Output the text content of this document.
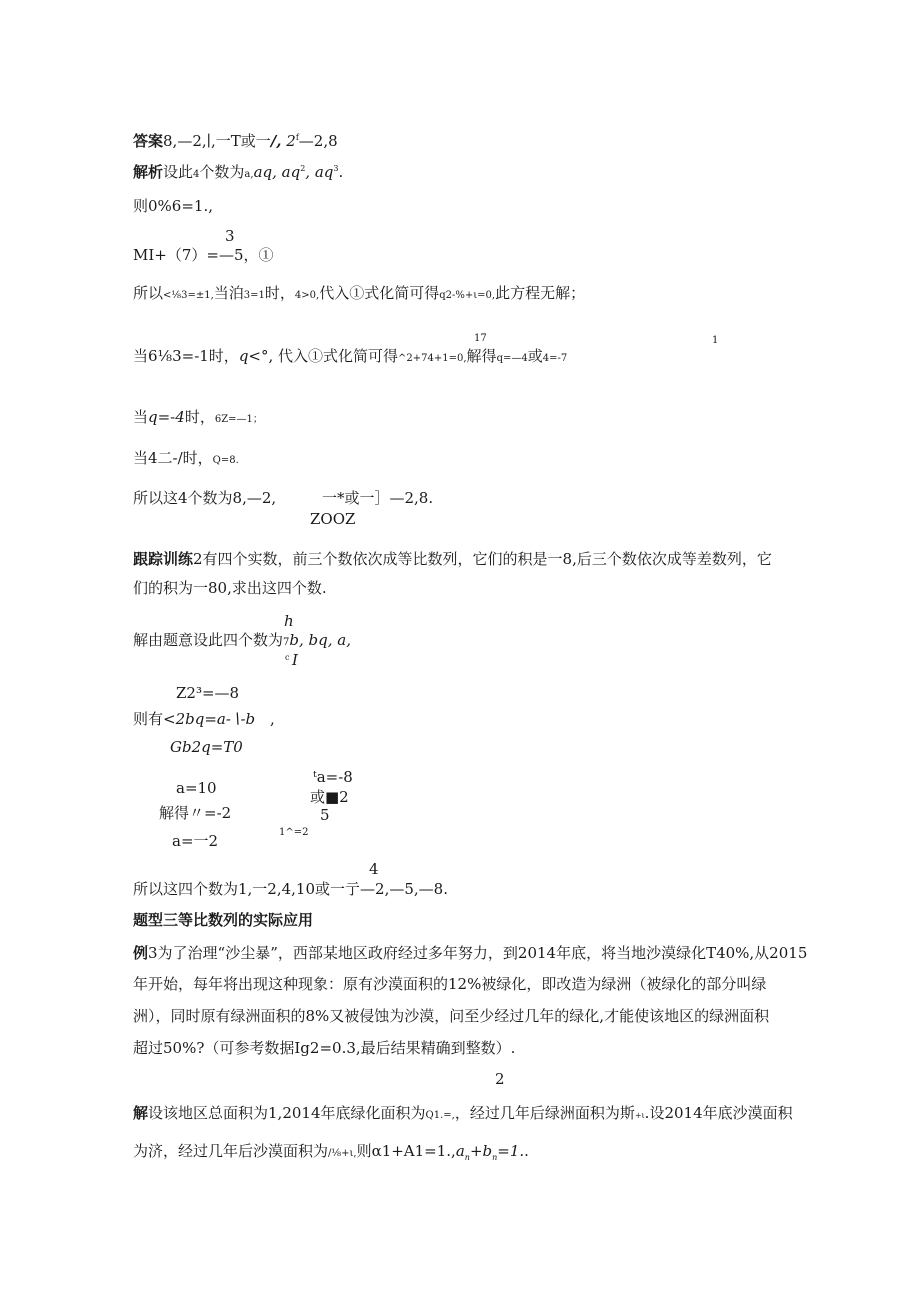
答案8,—2,∣,一T或一/, 2$^f$—2,8
解析设此4个数为a,aq, $aq^2$, $aq^3$.
则0%6=1.,
3
MI+（7）=—5，①
所以<⅛3=±1,当泊3=1时，4>0,代入①式化简可得q2-%+ι=0,此方程无解；
17	1
当6⅛3=-1时，q<°, 代入①式化简可得^2+74+1=0,解得q=—4或4=-7
当q=-4时，6Z=—1；
当4二-/时，Q=8.
所以这4个数为8,—2,	一*或一］—2,8.
ZOOZ
跟踪训练2有四个实数，前三个数依次成等比数列，它们的积是一8,后三个数依次成等差数列，它
们的积为一80,求出这四个数.
h
解由题意设此四个数为7b, bq, a,
c I
Z2³=—8
则有<2bq=a-∖-b ,
Gb2q=T0
a=10
解得〃=-2
a=一2
ᵗa=-8
或■2
5
1^=2
4
所以这四个数为1,一2,4,10或一亍—2,—5,—8.
题型三等比数列的实际应用
例3为了治理“沙尘暴”，西部某地区政府经过多年努力，到2014年底，将当地沙漠绿化T40%,从2015
年开始，每年将出现这种现象：原有沙漠面积的12%被绿化，即改造为绿洲（被绿化的部分叫绿
洲），同时原有绿洲面积的8%又被侵蚀为沙漠，问至少经过几年的绿化,才能使该地区的绿洲面积
超过50%?（可参考数据Ig2=0.3,最后结果精确到整数）.
2
解设该地区总面积为1,2014年底绿化面积为Q1.=,，经过几年后绿洲面积为斯+ι.设2014年底沙漠面积
为济，经过几年后沙漠面积为/⅛+ι,则$\alpha 1+A1=1.,a_n+b_n=1$..
